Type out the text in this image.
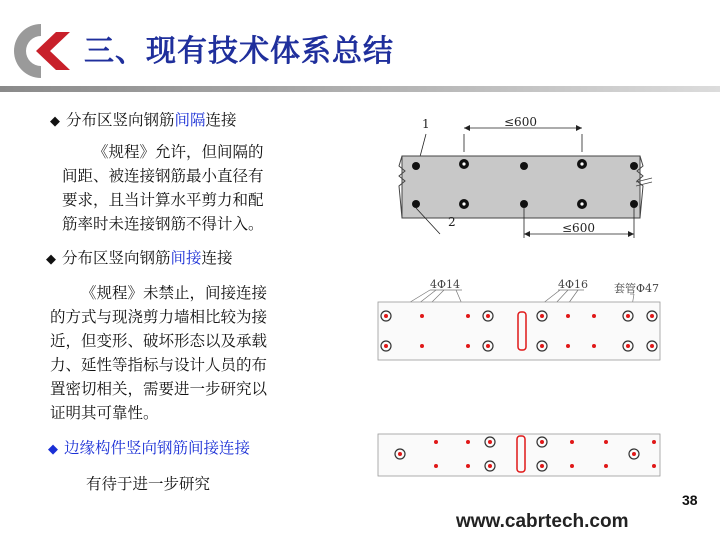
三、现有技术体系总结
◆ 分布区竖向钢筋间隔连接
《规程》允许，但间隔的
间距、被连接钢筋最小直径有
要求，且当计算水平剪力和配
筋率时未连接钢筋不得计入。
◆ 分布区竖向钢筋间接连接
《规程》未禁止，间接连接
的方式与现浇剪力墙相比较为接
近，但变形、破坏形态以及承载
力、延性等指标与设计人员的布
置密切相关，需要进一步研究以
证明其可靠性。
◆ 边缘构件竖向钢筋间接连接
有待于进一步研究
1	≤600
2	≤600
4Φ14	4Φ16 套管Φ47
38
www.cabrtech.com
